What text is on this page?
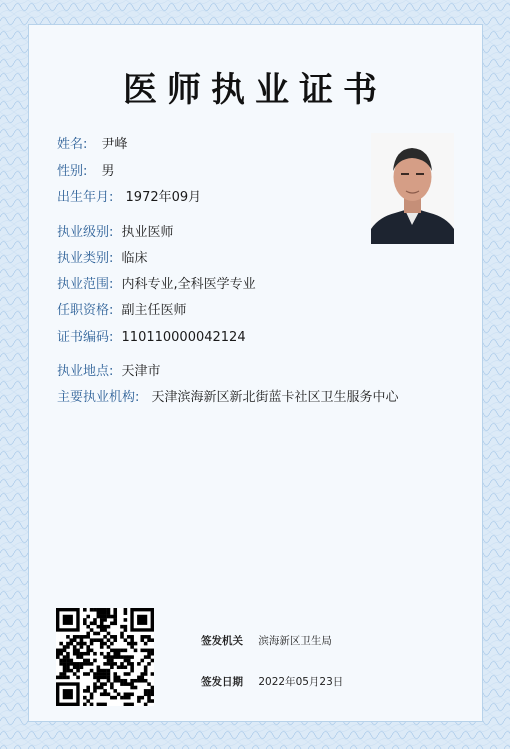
医师执业证书
姓名: 尹峰
性别: 男
出生年月: 1972年09月
执业级别: 执业医师
执业类别: 临床
执业范围: 内科专业,全科医学专业
任职资格: 副主任医师
证书编码: 110110000042124
执业地点: 天津市
主要执业机构: 天津滨海新区新北街蓝卡社区卫生服务中心
签发机关 滨海新区卫生局
签发日期 2022年05月23日
